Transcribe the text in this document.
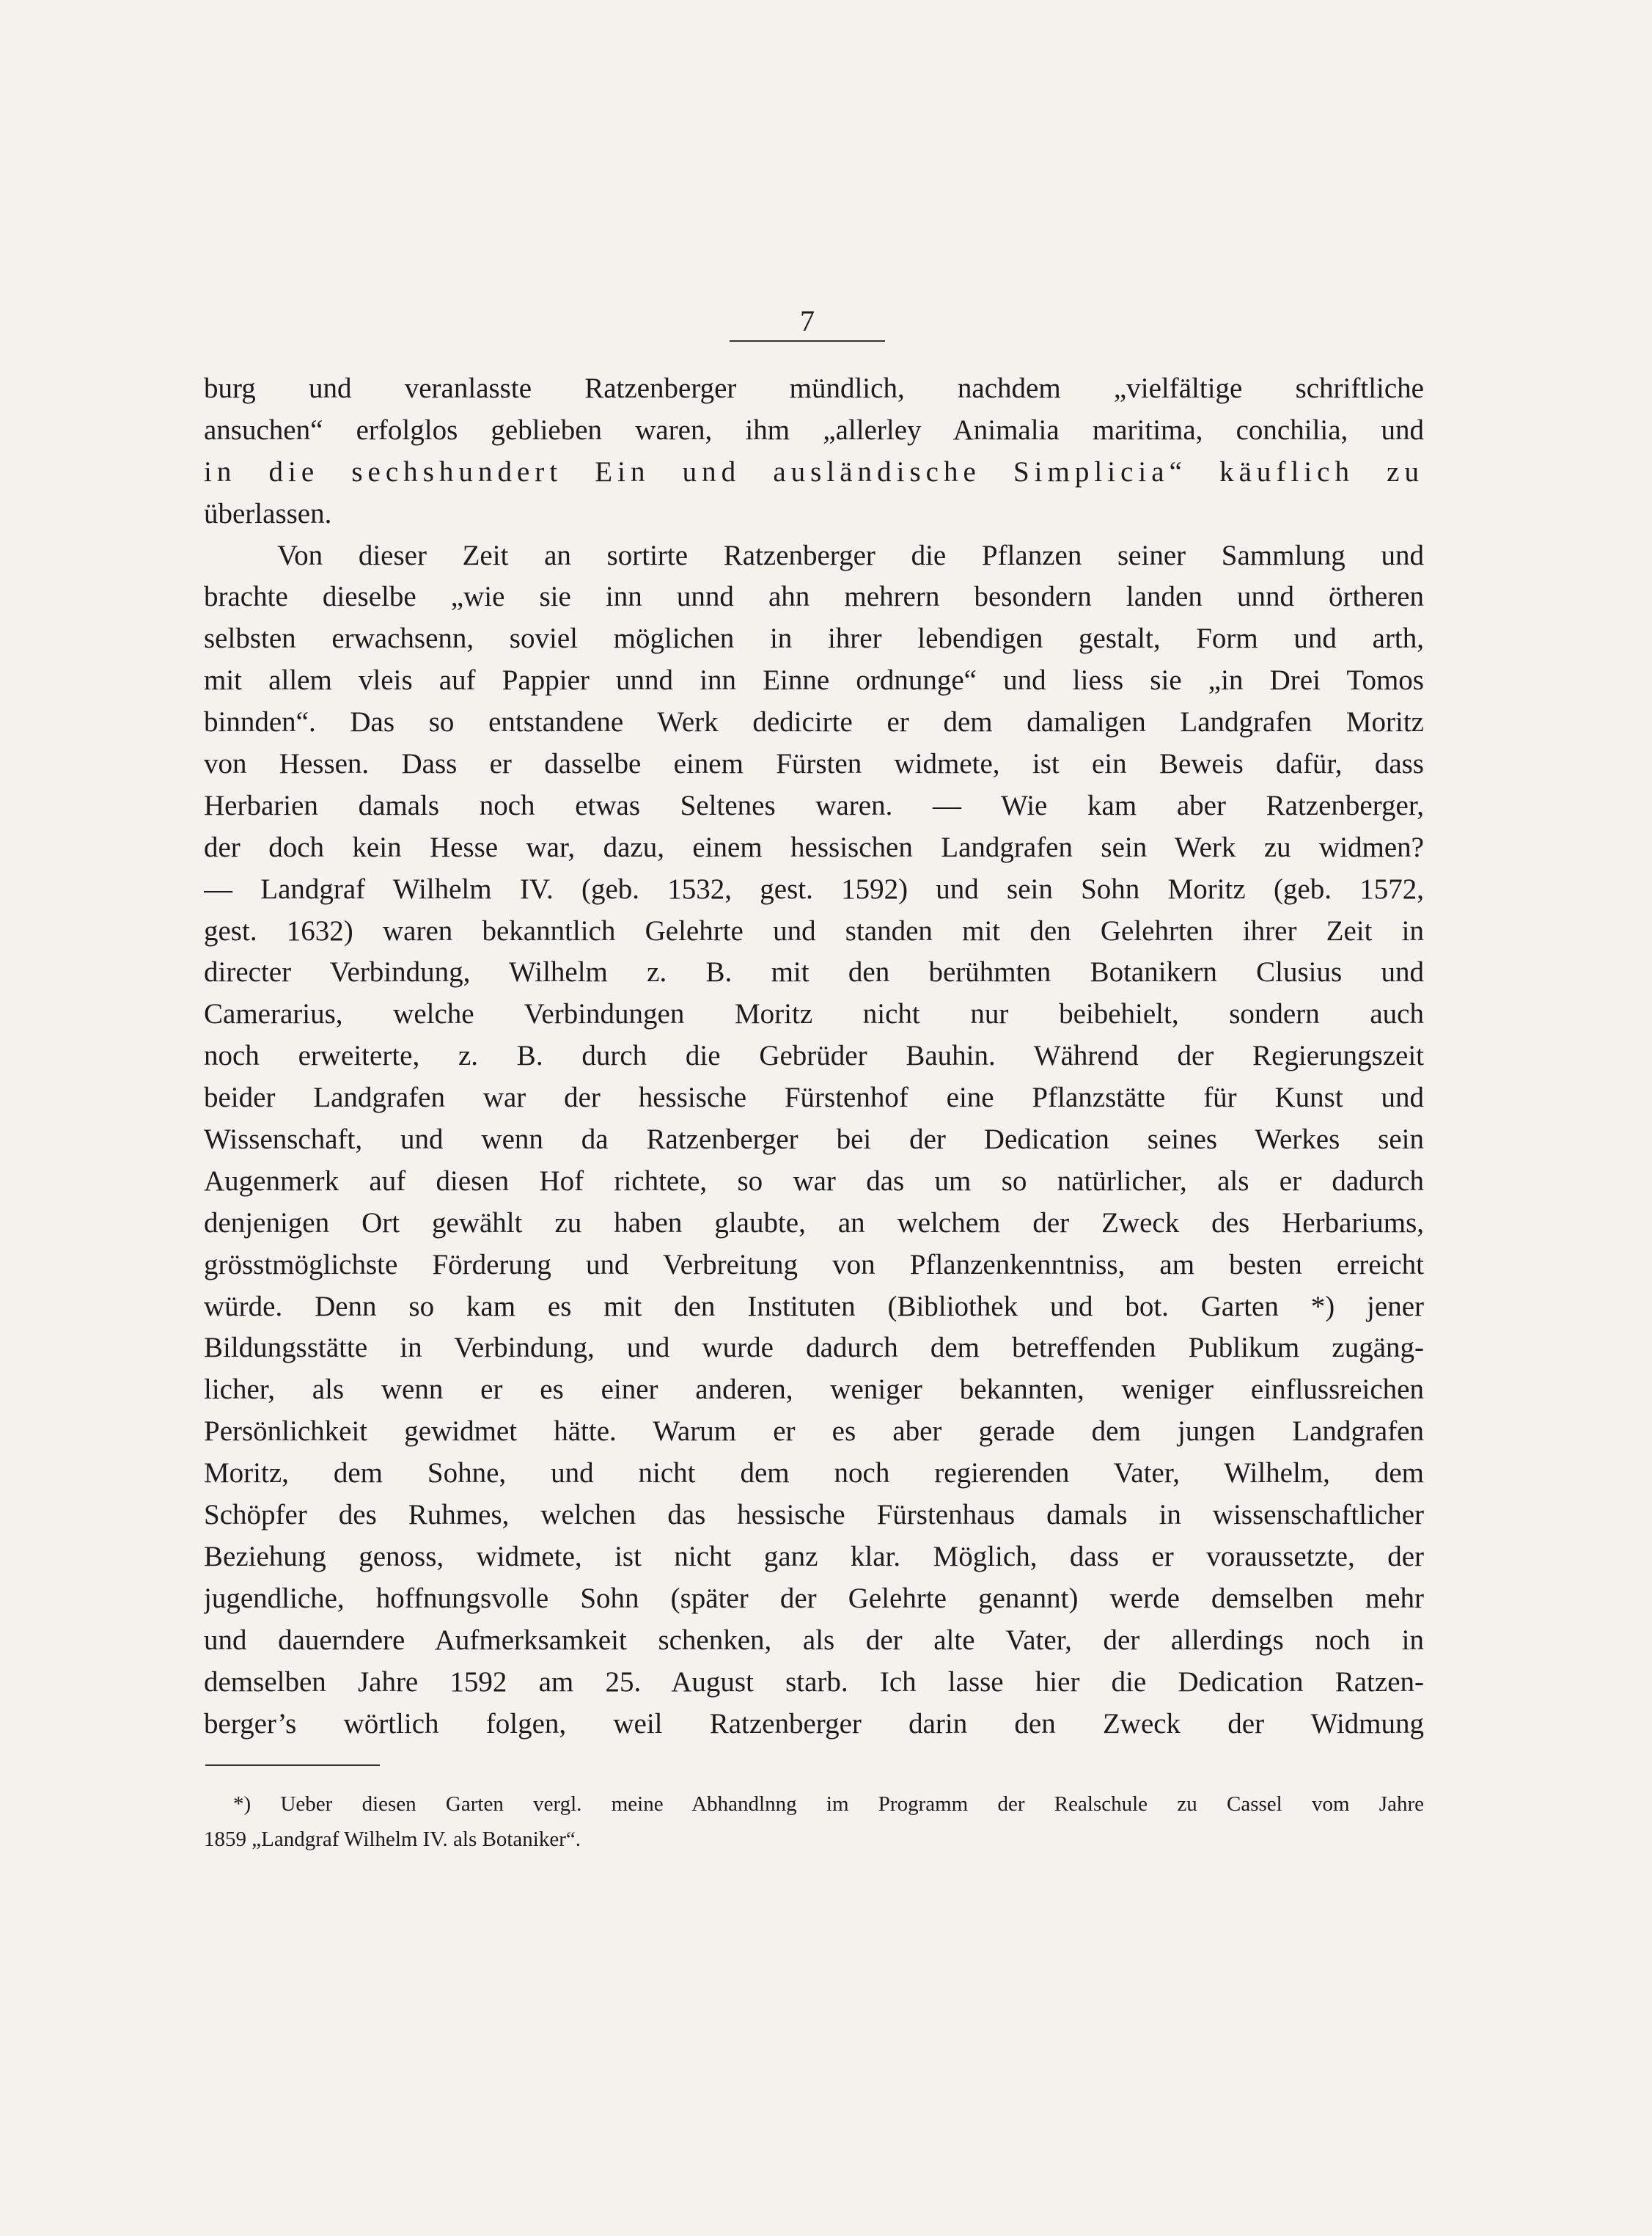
7
burg und veranlasste Ratzenberger mündlich, nachdem „vielfältige schriftliche
ansuchen“ erfolglos geblieben waren, ihm „allerley Animalia maritima, conchilia, und
in die sechshundert Ein und ausländische Simplicia“ käuflich zu
überlassen.
Von dieser Zeit an sortirte Ratzenberger die Pflanzen seiner Sammlung und
brachte dieselbe „wie sie inn unnd ahn mehrern besondern landen unnd örtheren
selbsten erwachsenn, soviel möglichen in ihrer lebendigen gestalt, Form und arth,
mit allem vleis auf Pappier unnd inn Einne ordnunge“ und liess sie „in Drei Tomos
binnden“. Das so entstandene Werk dedicirte er dem damaligen Landgrafen Moritz
von Hessen. Dass er dasselbe einem Fürsten widmete, ist ein Beweis dafür, dass
Herbarien damals noch etwas Seltenes waren. — Wie kam aber Ratzenberger,
der doch kein Hesse war, dazu, einem hessischen Landgrafen sein Werk zu widmen?
— Landgraf Wilhelm IV. (geb. 1532, gest. 1592) und sein Sohn Moritz (geb. 1572,
gest. 1632) waren bekanntlich Gelehrte und standen mit den Gelehrten ihrer Zeit in
directer Verbindung, Wilhelm z. B. mit den berühmten Botanikern Clusius und
Camerarius, welche Verbindungen Moritz nicht nur beibehielt, sondern auch
noch erweiterte, z. B. durch die Gebrüder Bauhin. Während der Regierungszeit
beider Landgrafen war der hessische Fürstenhof eine Pflanzstätte für Kunst und
Wissenschaft, und wenn da Ratzenberger bei der Dedication seines Werkes sein
Augenmerk auf diesen Hof richtete, so war das um so natürlicher, als er dadurch
denjenigen Ort gewählt zu haben glaubte, an welchem der Zweck des Herbariums,
grösstmöglichste Förderung und Verbreitung von Pflanzenkenntniss, am besten erreicht
würde. Denn so kam es mit den Instituten (Bibliothek und bot. Garten *) jener
Bildungsstätte in Verbindung, und wurde dadurch dem betreffenden Publikum zugäng-
licher, als wenn er es einer anderen, weniger bekannten, weniger einflussreichen
Persönlichkeit gewidmet hätte. Warum er es aber gerade dem jungen Landgrafen
Moritz, dem Sohne, und nicht dem noch regierenden Vater, Wilhelm, dem
Schöpfer des Ruhmes, welchen das hessische Fürstenhaus damals in wissenschaftlicher
Beziehung genoss, widmete, ist nicht ganz klar. Möglich, dass er voraussetzte, der
jugendliche, hoffnungsvolle Sohn (später der Gelehrte genannt) werde demselben mehr
und dauerndere Aufmerksamkeit schenken, als der alte Vater, der allerdings noch in
demselben Jahre 1592 am 25. August starb. Ich lasse hier die Dedication Ratzen-
berger’s wörtlich folgen, weil Ratzenberger darin den Zweck der Widmung
*) Ueber diesen Garten vergl. meine Abhandlnng im Programm der Realschule zu Cassel vom Jahre
1859 „Landgraf Wilhelm IV. als Botaniker“.
